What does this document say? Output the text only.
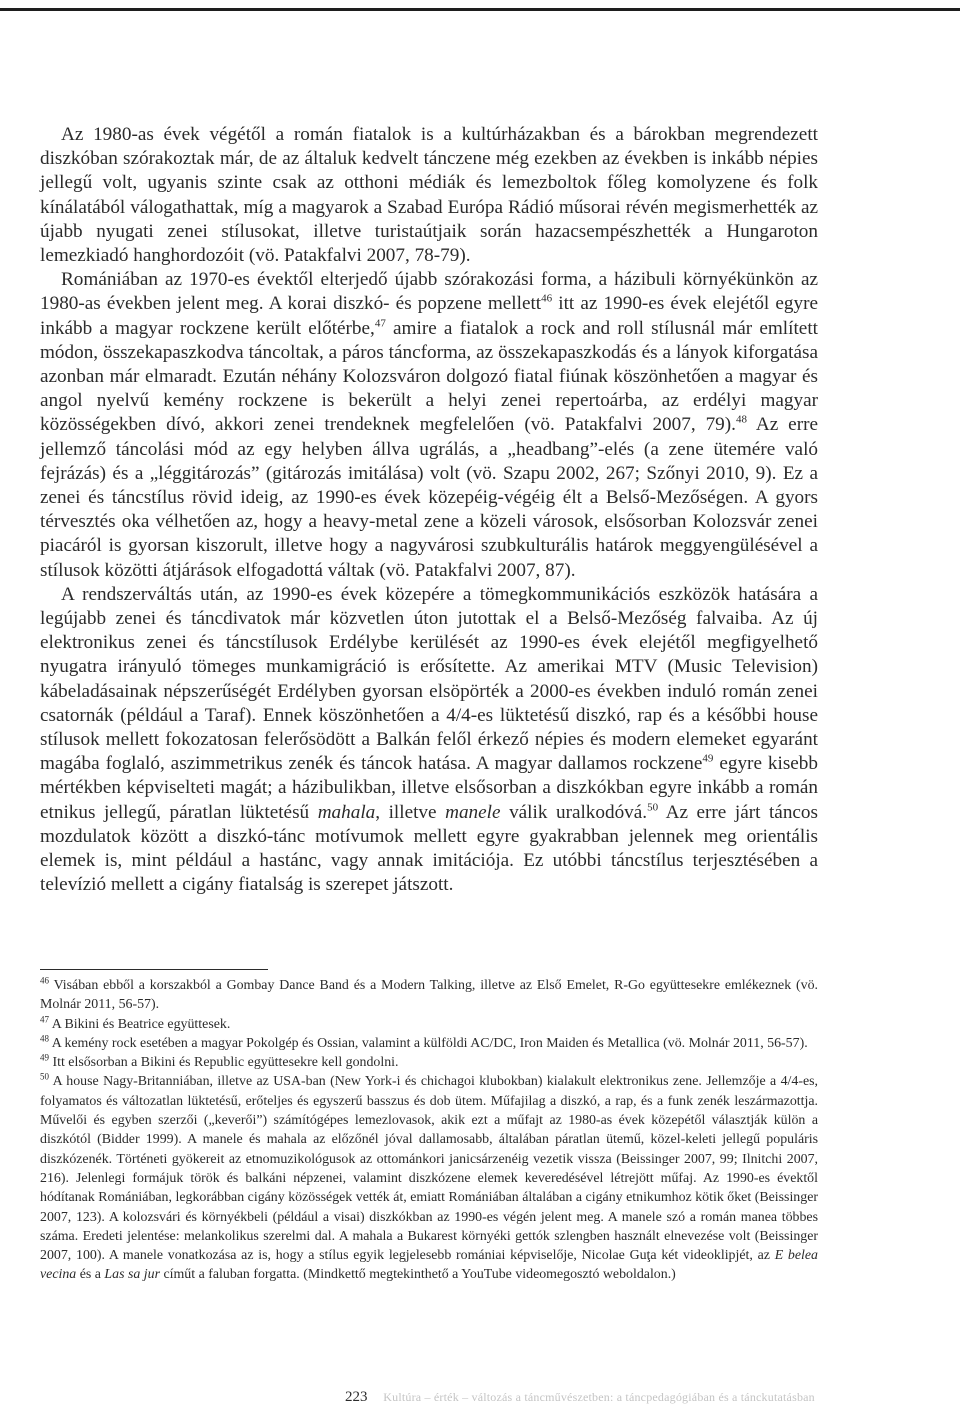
Az 1980-as évek végétől a román fiatalok is a kultúrházakban és a bárokban megrendezett diszkóban szórakoztak már, de az általuk kedvelt tánczene még ezekben az években is inkább népies jellegű volt, ugyanis szinte csak az otthoni médiák és lemezboltok főleg komolyzene és folk kínálatából válogathattak, míg a magyarok a Szabad Európa Rádió műsorai révén megismerhették az újabb nyugati zenei stílusokat, illetve turistaútjaik során hazacsempészhették a Hungaroton lemezkiadó hanghordozóit (vö. Patakfalvi 2007, 78-79).

Romániában az 1970-es évektől elterjedő újabb szórakozási forma, a házibuli környékünkön az 1980-as években jelent meg. A korai diszkó- és popzene mellett$^{46}$ itt az 1990-es évek elejétől egyre inkább a magyar rockzene került előtérbe,$^{47}$ amire a fiatalok a rock and roll stílusnál már említett módon, összekapaszkodva táncoltak, a páros táncforma, az összekapaszkodás és a lányok kiforgatása azonban már elmaradt. Ezután néhány Kolozsváron dolgozó fiatal fiúnak köszönhetően a magyar és angol nyelvű kemény rockzene is bekerült a helyi zenei repertoárba, az erdélyi magyar közösségekben dívó, akkori zenei trendeknek megfelelően (vö. Patakfalvi 2007, 79).$^{48}$ Az erre jellemző táncolási mód az egy helyben állva ugrálás, a „headbang”-elés (a zene ütemére való fejrázás) és a „léggitározás” (gitározás imitálása) volt (vö. Szapu 2002, 267; Szőnyi 2010, 9). Ez a zenei és táncstílus rövid ideig, az 1990-es évek közepéig-végéig élt a Belső-Mezőségen. A gyors térvesztés oka vélhetően az, hogy a heavy-metal zene a közeli városok, elsősorban Kolozsvár zenei piacáról is gyorsan kiszorult, illetve hogy a nagyvárosi szubkulturális határok meggyengülésével a stílusok közötti átjárások elfogadottá váltak (vö. Patakfalvi 2007, 87).

A rendszerváltás után, az 1990-es évek közepére a tömegkommunikációs eszközök hatására a legújabb zenei és táncdivatok már közvetlen úton jutottak el a Belső-Mezőség falvaiba. Az új elektronikus zenei és táncstílusok Erdélybe kerülését az 1990-es évek elejétől megfigyelhető nyugatra irányuló tömeges munkamigráció is erősítette. Az amerikai MTV (Music Television) kábeladásainak népszerűségét Erdélyben gyorsan elsöpörték a 2000-es években induló román zenei csatornák (például a Taraf). Ennek köszönhetően a 4/4-es lüktetésű diszkó, rap és a későbbi house stílusok mellett fokozatosan felerősödött a Balkán felől érkező népies és modern elemeket egyaránt magába foglaló, aszimmetrikus zenék és táncok hatása. A magyar dallamos rockzene$^{49}$ egyre kisebb mértékben képviselteti magát; a házibulikban, illetve elsősorban a diszkókban egyre inkább a román etnikus jellegű, páratlan lüktetésű mahala, illetve manele válik uralkodóvá.$^{50}$ Az erre járt táncos mozdulatok között a diszkó-tánc motívumok mellett egyre gyakrabban jelennek meg orientális elemek is, mint például a hastánc, vagy annak imitációja. Ez utóbbi táncstílus terjesztésében a televízió mellett a cigány fiatalság is szerepet játszott.

$^{46}$ Visában ebből a korszakból a Gombay Dance Band és a Modern Talking, illetve az Első Emelet, R-Go együttesekre emlékeznek (vö. Molnár 2011, 56-57).

$^{47}$ A Bikini és Beatrice együttesek.

$^{48}$ A kemény rock esetében a magyar Pokolgép és Ossian, valamint a külföldi AC/DC, Iron Maiden és Metallica (vö. Molnár 2011, 56-57).

$^{49}$ Itt elsősorban a Bikini és Republic együttesekre kell gondolni.

$^{50}$ A house Nagy-Britanniában, illetve az USA-ban (New York-i és chichagoi klubokban) kialakult elektronikus zene. Jellemzője a 4/4-es, folyamatos és változatlan lüktetésű, erőteljes és egyszerű basszus és dob ütem. Műfajilag a diszkó, a rap, és a funk zenék leszármazottja. Művelői és egyben szerzői („keverői”) számítógépes lemezlovasok, akik ezt a műfajt az 1980-as évek közepétől választják külön a diszkótól (Bidder 1999). A manele és mahala az előzőnél jóval dallamosabb, általában páratlan ütemű, közel-keleti jellegű populáris diszkózenék. Történeti gyökereit az etnomuzikológusok az ottománkori janicsárzenéig vezetik vissza (Beissinger 2007, 99; Ilnitchi 2007, 216). Jelenlegi formájuk török és balkáni népzenei, valamint diszkózene elemek keveredésével létrejött műfaj. Az 1990-es évektől hódítanak Romániában, legkorábban cigány közösségek vették át, emiatt Romániában általában a cigány etnikumhoz kötik őket (Beissinger 2007, 123). A kolozsvári és környékbeli (például a visai) diszkókban az 1990-es végén jelent meg. A manele szó a román manea többes száma. Eredeti jelentése: melankolikus szerelmi dal. A mahala a Bukarest környéki gettók szlengben használt elnevezése volt (Beissinger 2007, 100). A manele vonatkozása az is, hogy a stílus egyik legjelesebb romániai képviselője, Nicolae Guţa két videoklipjét, az E belea vecina és a Las sa jur címűt a faluban forgatta. (Mindkettő megtekinthető a YouTube videomegosztó weboldalon.)

223 Kultúra – érték – változás a táncművészetben: a táncpedagógiában és a tánckutatásban
